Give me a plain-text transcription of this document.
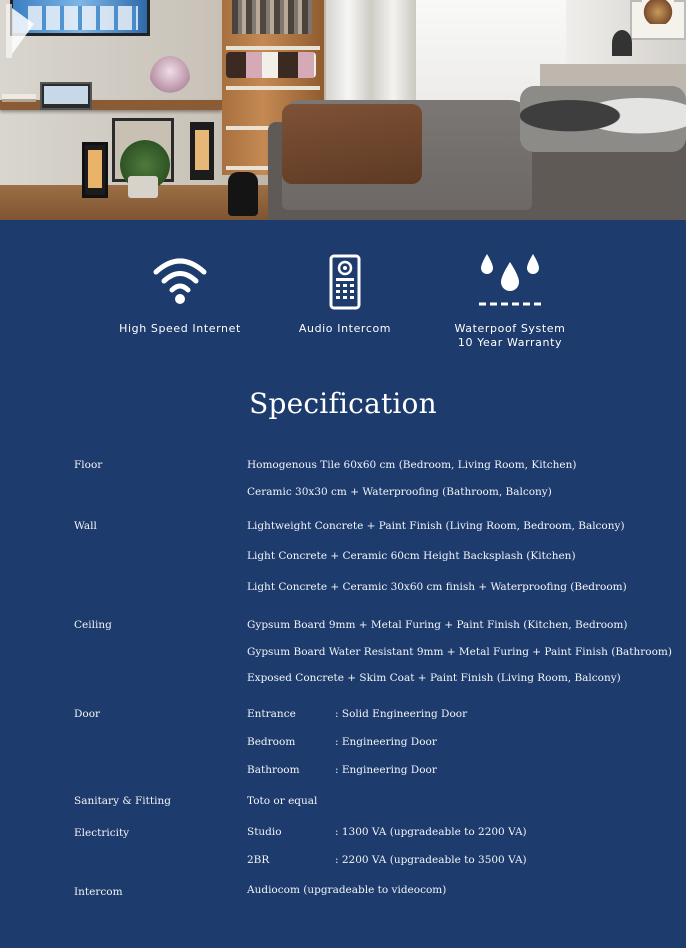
High Speed Internet	Audio Intercom	Waterpoof System
10 Year Warranty
Specification
Floor	Homogenous Tile 60x60 cm (Bedroom, Living Room, Kitchen)
Ceramic 30x30 cm + Waterproofing (Bathroom, Balcony)
Wall	Lightweight Concrete + Paint Finish (Living Room, Bedroom, Balcony)
Light Concrete + Ceramic 60cm Height Backsplash (Kitchen)
Light Concrete + Ceramic 30x60 cm finish + Waterproofing (Bedroom)
Ceiling	Gypsum Board 9mm + Metal Furing + Paint Finish (Kitchen, Bedroom)
Gypsum Board Water Resistant 9mm + Metal Furing + Paint Finish (Bathroom)
Exposed Concrete + Skim Coat + Paint Finish (Living Room, Balcony)
Door	Entrance	: Solid Engineering Door
Bedroom	: Engineering Door
Bathroom	: Engineering Door
Sanitary & Fitting	Toto or equal
Electricity	Studio	: 1300 VA (upgradeable to 2200 VA)
2BR	: 2200 VA (upgradeable to 3500 VA)
Intercom	Audiocom (upgradeable to videocom)
